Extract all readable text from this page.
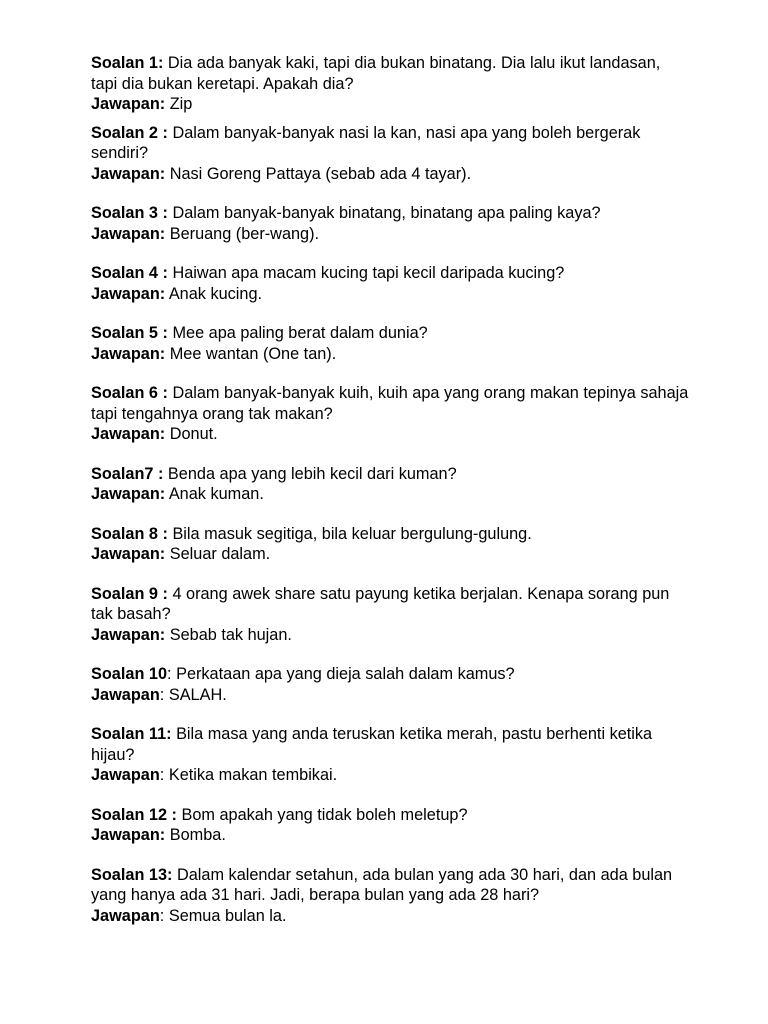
Soalan 1: Dia ada banyak kaki, tapi dia bukan binatang. Dia lalu ikut landasan, tapi dia bukan keretapi. Apakah dia?
Jawapan: Zip
Soalan 2 : Dalam banyak-banyak nasi la kan, nasi apa yang boleh bergerak sendiri?
Jawapan: Nasi Goreng Pattaya (sebab ada 4 tayar).
Soalan 3 : Dalam banyak-banyak binatang, binatang apa paling kaya?
Jawapan: Beruang (ber-wang).
Soalan 4 : Haiwan apa macam kucing tapi kecil daripada kucing?
Jawapan: Anak kucing.
Soalan 5 : Mee apa paling berat dalam dunia?
Jawapan: Mee wantan (One tan).
Soalan 6 : Dalam banyak-banyak kuih, kuih apa yang orang makan tepinya sahaja tapi tengahnya orang tak makan?
Jawapan: Donut.
Soalan7 : Benda apa yang lebih kecil dari kuman?
Jawapan: Anak kuman.
Soalan 8 : Bila masuk segitiga, bila keluar bergulung-gulung.
Jawapan: Seluar dalam.
Soalan 9 : 4 orang awek share satu payung ketika berjalan. Kenapa sorang pun tak basah?
Jawapan: Sebab tak hujan.
Soalan 10: Perkataan apa yang dieja salah dalam kamus?
Jawapan: SALAH.
Soalan 11: Bila masa yang anda teruskan ketika merah, pastu berhenti ketika hijau?
Jawapan: Ketika makan tembikai.
Soalan 12 : Bom apakah yang tidak boleh meletup?
Jawapan: Bomba.
Soalan 13: Dalam kalendar setahun, ada bulan yang ada 30 hari, dan ada bulan yang hanya ada 31 hari. Jadi, berapa bulan yang ada 28 hari?
Jawapan: Semua bulan la.
